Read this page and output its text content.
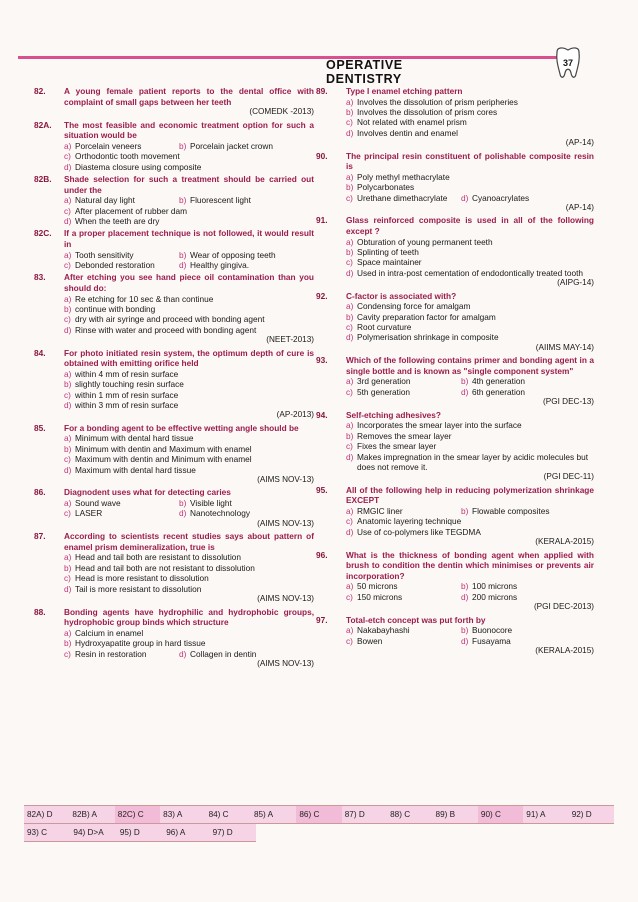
OPERATIVE DENTISTRY
37
82. A young female patient reports to the dental office with complaint of small gaps between her teeth
(COMEDK -2013)
82A. The most feasible and economic treatment option for such a situation would be
a) Porcelain veneers	b) Porcelain jacket crown
c) Orthodontic tooth movement
d) Diastema closure using composite
82B. Shade selection for such a treatment should be carried out under the
a) Natural day light	b) Fluorescent light
c) After placement of rubber dam
d) When the teeth are dry
82C. If a proper placement technique is not followed, it would result in
a) Tooth sensitivity	b) Wear of opposing teeth
c) Debonded restoration	d) Healthy gingiva.
83. After etching you see hand piece oil contamination than you should do:
a) Re etching for 10 sec & than continue
b) continue with bonding
c) dry with air syringe and proceed with bonding agent
d) Rinse with water and proceed with bonding agent
(NEET-2013)
84. For photo initiated resin system, the optimum depth of cure is obtained with emitting orifice held
a) within 4 mm of resin surface
b) slightly touching resin surface
c) within 1 mm of resin surface
d) within 3 mm of resin surface
(AP-2013)
85. For a bonding agent to be effective wetting angle should be
a) Minimum with dental hard tissue
b) Minimum with dentin and Maximum with enamel
c) Maximum with dentin and Minimum with enamel
d) Maximum with dental hard tissue
(AIMS NOV-13)
86. Diagnodent uses what for detecting caries
a) Sound wave	b) Visible light
c) LASER	d) Nanotechnology
(AIMS NOV-13)
87. According to scientists recent studies says about pattern of enamel prism demineralization, true is
a) Head and tail both are resistant to dissolution
b) Head and tail both are not resistant to dissolution
c) Head is more resistant to dissolution
d) Tail is more resistant to dissolution
(AIMS NOV-13)
88. Bonding agents have hydrophilic and hydrophobic groups, hydrophobic group binds which structure
a) Calcium in enamel
b) Hydroxyapatite group in hard tissue
c) Resin in restoration	d) Collagen in dentin
(AIMS NOV-13)
89. Type I enamel etching pattern
a) Involves the dissolution of prism peripheries
b) Involves the dissolution of prism cores
c) Not related with enamel prism
d) Involves dentin and enamel
(AP-14)
90. The principal resin constituent of polishable composite resin is
a) Poly methyl methacrylate
b) Polycarbonates
c) Urethane dimethacrylate d) Cyanoacrylates
(AP-14)
91. Glass reinforced composite is used in all of the following except ?
a) Obturation of young permanent teeth
b) Splinting of teeth
c) Space maintainer
d) Used in intra-post cementation of endodontically treated tooth
(AIPG-14)
92. C-factor is associated with?
a) Condensing force for amalgam
b) Cavity preparation factor for amalgam
c) Root curvature
d) Polymerisation shrinkage in composite
(AIIMS MAY-14)
93. Which of the following contains primer and bonding agent in a single bottle and is known as "single component system"
a) 3rd generation	b) 4th generation
c) 5th generation	d) 6th generation
(PGI DEC-13)
94. Self-etching adhesives?
a) Incorporates the smear layer into the surface
b) Removes the smear layer
c) Fixes the smear layer
d) Makes impregnation in the smear layer by acidic molecules but does not remove it.
(PGI DEC-11)
95. All of the following help in reducing polymerization shrinkage EXCEPT
a) RMGIC liner	b) Flowable composites
c) Anatomic layering technique
d) Use of co-polymers like TEGDMA
(KERALA-2015)
96. What is the thickness of bonding agent when applied with brush to condition the dentin which minimises or prevents air incorporation?
a) 50 microns	b) 100 microns
c) 150 microns	d) 200 microns
(PGI DEC-2013)
97. Total-etch concept was put forth by
a) Nakabayhashi	b) Buonocore
c) Bowen	d) Fusayama
(KERALA-2015)
82A) D	82B) A	82C) C	83) A	84) C	85) A	86) C	87) D	88) C	89) B	90) C	91) A	92) D
93) C	94) D>A	95) D	96) A	97) D
